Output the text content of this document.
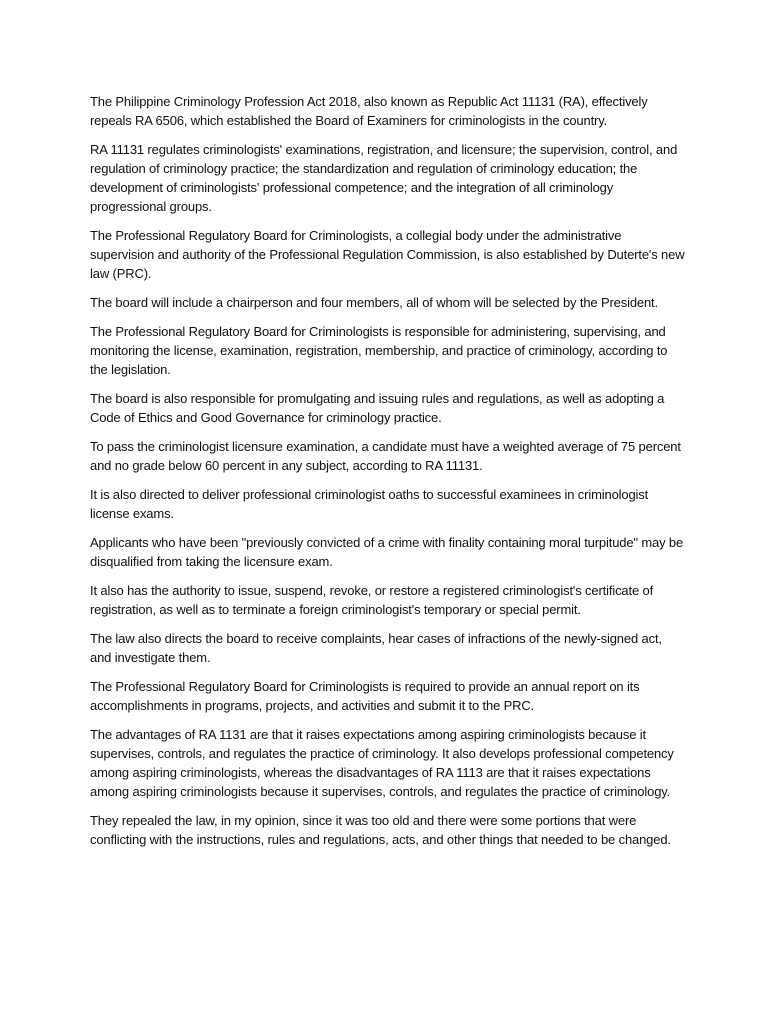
The Philippine Criminology Profession Act 2018, also known as Republic Act 11131 (RA), effectively repeals RA 6506, which established the Board of Examiners for criminologists in the country.

RA 11131 regulates criminologists' examinations, registration, and licensure; the supervision, control, and regulation of criminology practice; the standardization and regulation of criminology education; the development of criminologists' professional competence; and the integration of all criminology progressional groups.

The Professional Regulatory Board for Criminologists, a collegial body under the administrative supervision and authority of the Professional Regulation Commission, is also established by Duterte's new law (PRC).

The board will include a chairperson and four members, all of whom will be selected by the President.

The Professional Regulatory Board for Criminologists is responsible for administering, supervising, and monitoring the license, examination, registration, membership, and practice of criminology, according to the legislation.

The board is also responsible for promulgating and issuing rules and regulations, as well as adopting a Code of Ethics and Good Governance for criminology practice.

To pass the criminologist licensure examination, a candidate must have a weighted average of 75 percent and no grade below 60 percent in any subject, according to RA 11131.

It is also directed to deliver professional criminologist oaths to successful examinees in criminologist license exams.

Applicants who have been "previously convicted of a crime with finality containing moral turpitude" may be disqualified from taking the licensure exam.

It also has the authority to issue, suspend, revoke, or restore a registered criminologist's certificate of registration, as well as to terminate a foreign criminologist's temporary or special permit.

The law also directs the board to receive complaints, hear cases of infractions of the newly-signed act, and investigate them.

The Professional Regulatory Board for Criminologists is required to provide an annual report on its accomplishments in programs, projects, and activities and submit it to the PRC.

The advantages of RA 1131 are that it raises expectations among aspiring criminologists because it supervises, controls, and regulates the practice of criminology. It also develops professional competency among aspiring criminologists, whereas the disadvantages of RA 1113 are that it raises expectations among aspiring criminologists because it supervises, controls, and regulates the practice of criminology.

They repealed the law, in my opinion, since it was too old and there were some portions that were conflicting with the instructions, rules and regulations, acts, and other things that needed to be changed.
